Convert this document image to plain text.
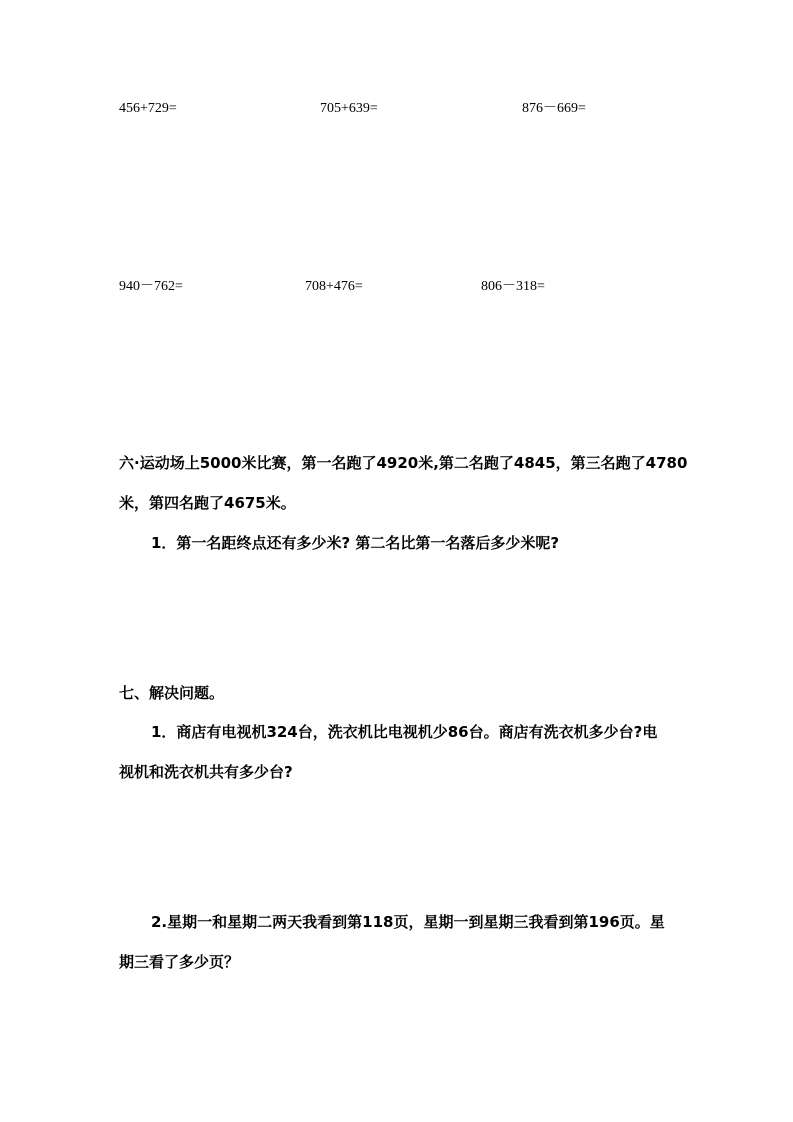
456+729=	705+639=	876－669=
940－762=	708+476=	806－318=
六·运动场上5000米比赛，第一名跑了4920米,第二名跑了4845，第三名跑了4780
米，第四名跑了4675米。
1．第一名距终点还有多少米? 第二名比第一名落后多少米呢?
七、解决问题。
1．商店有电视机324台，洗衣机比电视机少86台。商店有洗衣机多少台?电
视机和洗衣机共有多少台?
2.星期一和星期二两天我看到第118页，星期一到星期三我看到第196页。星
期三看了多少页？
